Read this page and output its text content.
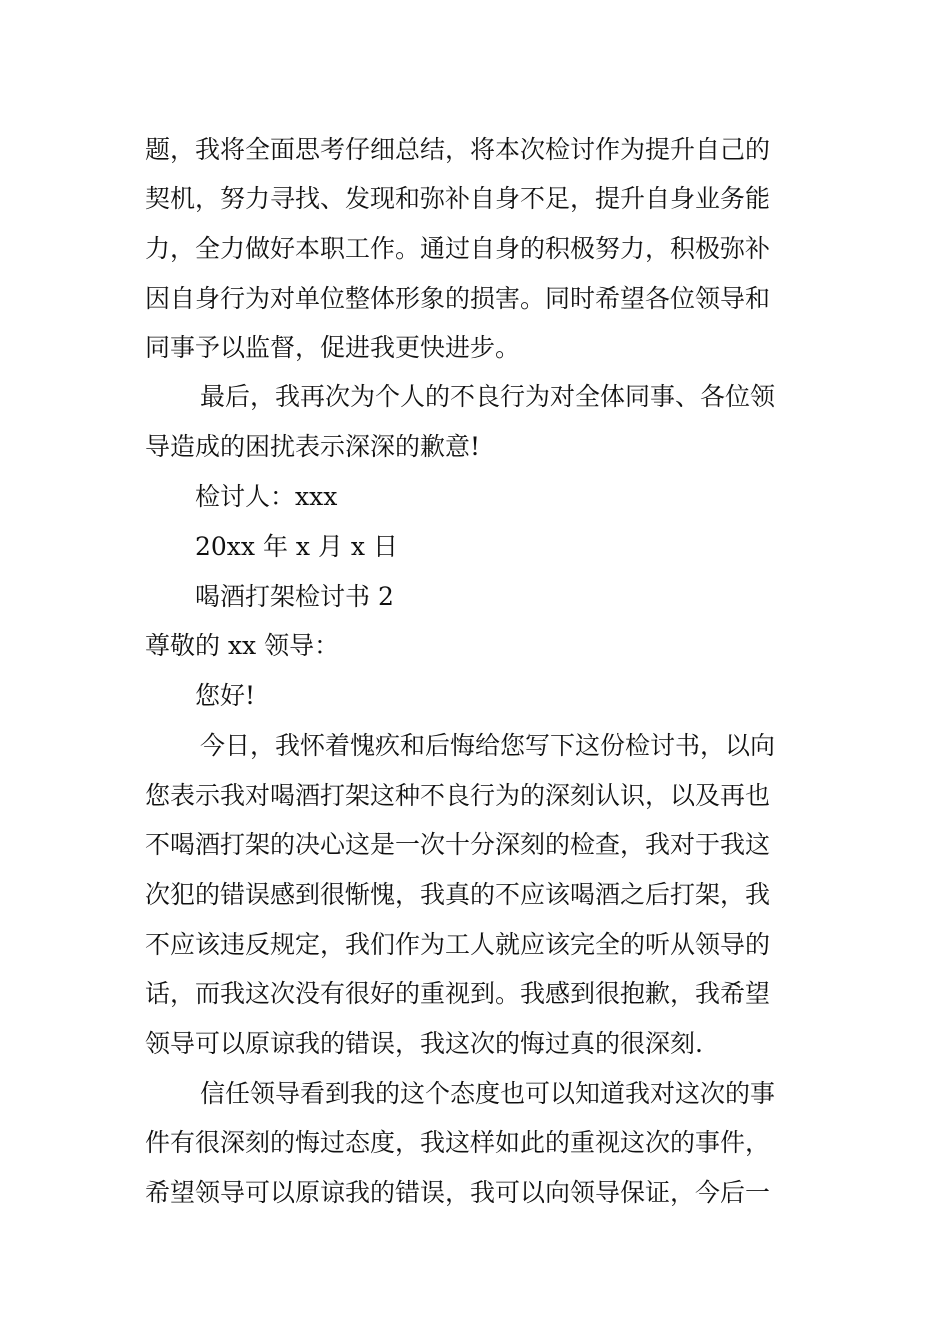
题，我将全面思考仔细总结，将本次检讨作为提升自己的
契机，努力寻找、发现和弥补自身不足，提升自身业务能
力，全力做好本职工作。通过自身的积极努力，积极弥补
因自身行为对单位整体形象的损害。同时希望各位领导和
同事予以监督，促进我更快进步。
最后，我再次为个人的不良行为对全体同事、各位领
导造成的困扰表示深深的歉意!
检讨人：xxx
20xx 年 x 月 x 日
喝酒打架检讨书 2
尊敬的 xx 领导：
您好!
今日，我怀着愧疚和后悔给您写下这份检讨书，以向
您表示我对喝酒打架这种不良行为的深刻认识，以及再也
不喝酒打架的决心这是一次十分深刻的检查，我对于我这
次犯的错误感到很惭愧，我真的不应该喝酒之后打架，我
不应该违反规定，我们作为工人就应该完全的听从领导的
话，而我这次没有很好的重视到。我感到很抱歉，我希望
领导可以原谅我的错误，我这次的悔过真的很深刻.
信任领导看到我的这个态度也可以知道我对这次的事
件有很深刻的悔过态度，我这样如此的重视这次的事件，
希望领导可以原谅我的错误，我可以向领导保证，今后一
